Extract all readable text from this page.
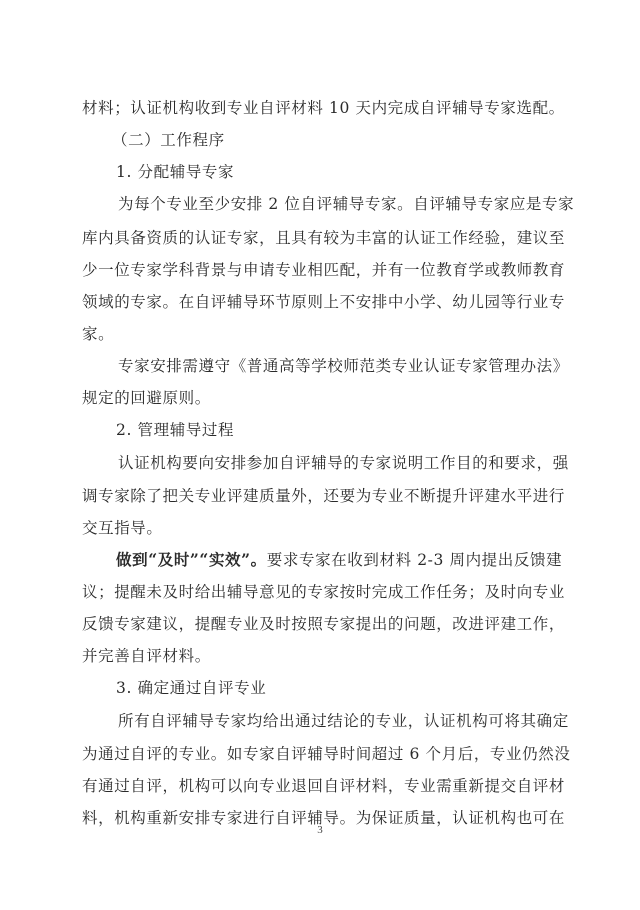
材料；认证机构收到专业自评材料 10 天内完成自评辅导专家选配。
（二）工作程序
1. 分配辅导专家
为每个专业至少安排 2 位自评辅导专家。自评辅导专家应是专家
库内具备资质的认证专家，且具有较为丰富的认证工作经验，建议至
少一位专家学科背景与申请专业相匹配，并有一位教育学或教师教育
领域的专家。在自评辅导环节原则上不安排中小学、幼儿园等行业专
家。
专家安排需遵守《普通高等学校师范类专业认证专家管理办法》
规定的回避原则。
2. 管理辅导过程
认证机构要向安排参加自评辅导的专家说明工作目的和要求，强
调专家除了把关专业评建质量外，还要为专业不断提升评建水平进行
交互指导。
做到“及时”“实效”。要求专家在收到材料 2-3 周内提出反馈建
议；提醒未及时给出辅导意见的专家按时完成工作任务；及时向专业
反馈专家建议，提醒专业及时按照专家提出的问题，改进评建工作，
并完善自评材料。
3. 确定通过自评专业
所有自评辅导专家均给出通过结论的专业，认证机构可将其确定
为通过自评的专业。如专家自评辅导时间超过 6 个月后，专业仍然没
有通过自评，机构可以向专业退回自评材料，专业需重新提交自评材
料，机构重新安排专家进行自评辅导。为保证质量，认证机构也可在
3
